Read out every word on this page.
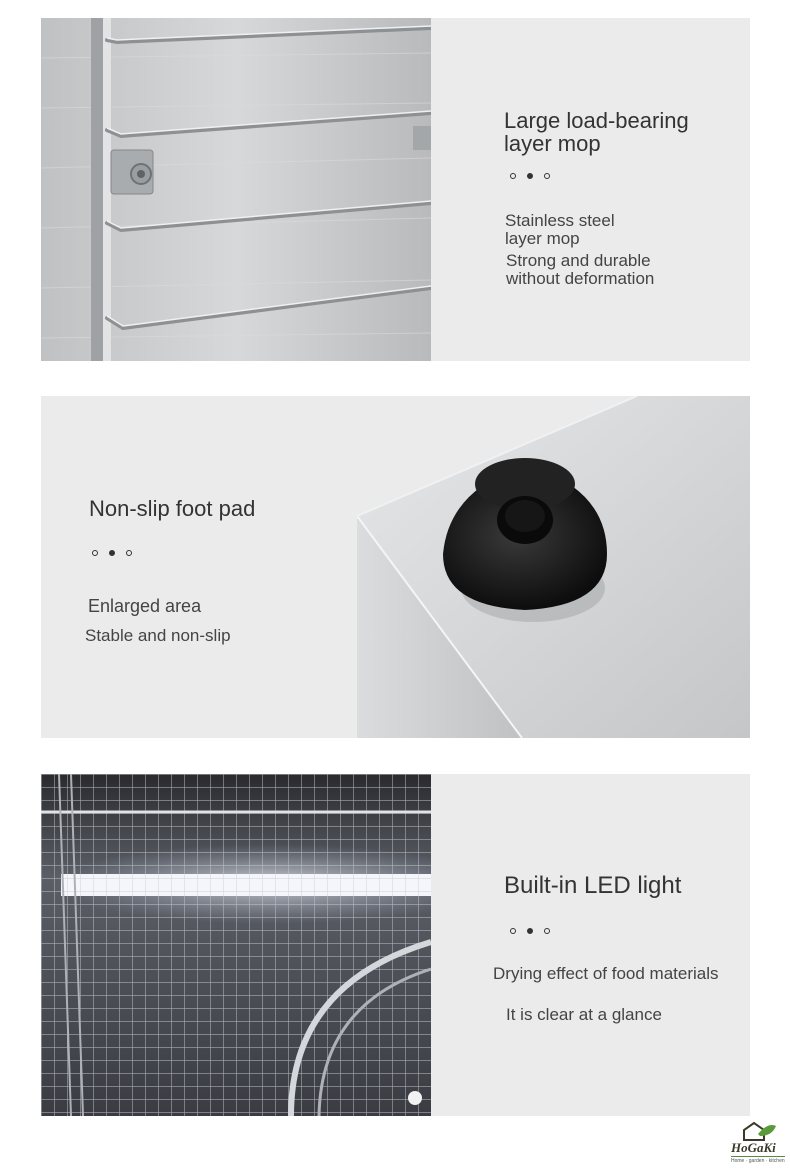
Large load-bearing
layer mop
Stainless steel
layer mop
Strong and durable
without deformation
Non-slip foot pad
Enlarged area
Stable and non-slip
Built-in LED light
Drying effect of food materials
It is clear at a glance
HoGaKi
Home · garden · kitchen
